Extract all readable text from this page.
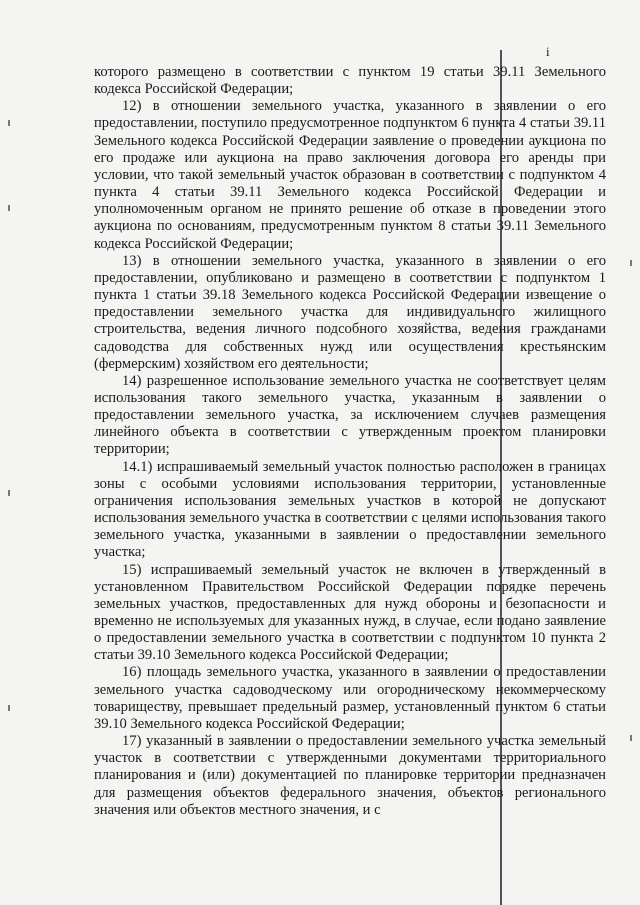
i

которого размещено в соответствии с пунктом 19 статьи 39.11 Земельного кодекса Российской Федерации;

12) в отношении земельного участка, указанного в заявлении о его предоставлении, поступило предусмотренное подпунктом 6 пункта 4 статьи 39.11 Земельного кодекса Российской Федерации заявление о проведении аукциона по его продаже или аукциона на право заключения договора его аренды при условии, что такой земельный участок образован в соответствии с подпунктом 4 пункта 4 статьи 39.11 Земельного кодекса Российской Федерации и уполномоченным органом не принято решение об отказе в проведении этого аукциона по основаниям, предусмотренным пунктом 8 статьи 39.11 Земельного кодекса Российской Федерации;

13) в отношении земельного участка, указанного в заявлении о его предоставлении, опубликовано и размещено в соответствии с подпунктом 1 пункта 1 статьи 39.18 Земельного кодекса Российской Федерации извещение о предоставлении земельного участка для индивидуального жилищного строительства, ведения личного подсобного хозяйства, ведения гражданами садоводства для собственных нужд или осуществления крестьянским (фермерским) хозяйством его деятельности;

14) разрешенное использование земельного участка не соответствует целям использования такого земельного участка, указанным в заявлении о предоставлении земельного участка, за исключением случаев размещения линейного объекта в соответствии с утвержденным проектом планировки территории;

14.1) испрашиваемый земельный участок полностью расположен в границах зоны с особыми условиями использования территории, установленные ограничения использования земельных участков в которой не допускают использования земельного участка в соответствии с целями использования такого земельного участка, указанными в заявлении о предоставлении земельного участка;

15) испрашиваемый земельный участок не включен в утвержденный в установленном Правительством Российской Федерации порядке перечень земельных участков, предоставленных для нужд обороны и безопасности и временно не используемых для указанных нужд, в случае, если подано заявление о предоставлении земельного участка в соответствии с подпунктом 10 пункта 2 статьи 39.10 Земельного кодекса Российской Федерации;

16) площадь земельного участка, указанного в заявлении о предоставлении земельного участка садоводческому или огородническому некоммерческому товариществу, превышает предельный размер, установленный пунктом 6 статьи 39.10 Земельного кодекса Российской Федерации;

17) указанный в заявлении о предоставлении земельного участка земельный участок в соответствии с утвержденными документами территориального планирования и (или) документацией по планировке территории предназначен для размещения объектов федерального значения, объектов регионального значения или объектов местного значения, и с
